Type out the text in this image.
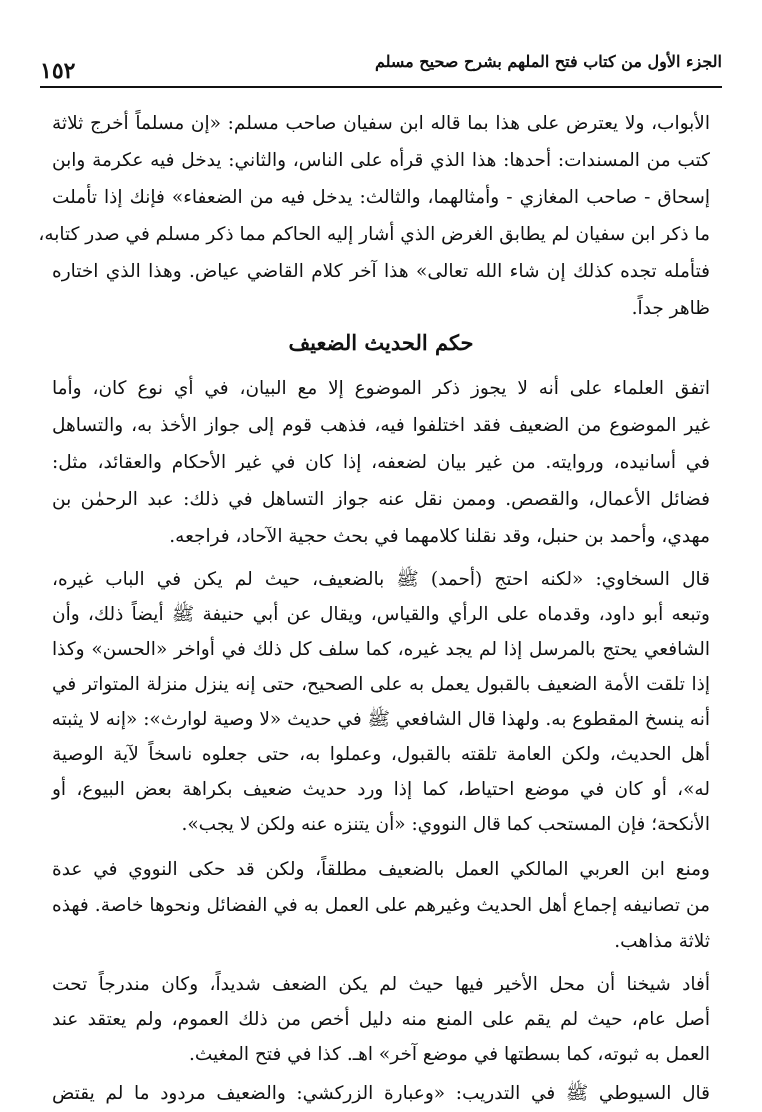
١٥٢	الجزء الأول من كتاب فتح الملهم بشرح صحيح مسلم
الأبواب، ولا يعترض على هذا بما قاله ابن سفيان صاحب مسلم: «إن مسلماً أخرج ثلاثة
كتب من المسندات: أحدها: هذا الذي قرأه على الناس، والثاني: يدخل فيه عكرمة وابن
إسحاق - صاحب المغازي - وأمثالهما، والثالث: يدخل فيه من الضعفاء» فإنك إذا تأملت
ما ذكر ابن سفيان لم يطابق الغرض الذي أشار إليه الحاكم مما ذكر مسلم في صدر كتابه،
فتأمله تجده كذلك إن شاء الله تعالى» هذا آخر كلام القاضي عياض. وهذا الذي اختاره
ظاهر جداً.
اتفق العلماء على أنه لا يجوز ذكر الموضوع إلا مع البيان، في أي نوع كان، وأما
غير الموضوع من الضعيف فقد اختلفوا فيه، فذهب قوم إلى جواز الأخذ به، والتساهل
في أسانيده، وروايته. من غير بيان لضعفه، إذا كان في غير الأحكام والعقائد، مثل:
فضائل الأعمال، والقصص. وممن نقل عنه جواز التساهل في ذلك: عبد الرحمٰن بن
مهدي، وأحمد بن حنبل، وقد نقلنا كلامهما في بحث حجية الآحاد، فراجعه.
قال السخاوي: «لكنه احتج (أحمد) ﷺ بالضعيف، حيث لم يكن في الباب غيره،
وتبعه أبو داود، وقدماه على الرأي والقياس، ويقال عن أبي حنيفة ﷺ أيضاً ذلك، وأن
الشافعي يحتج بالمرسل إذا لم يجد غيره، كما سلف كل ذلك في أواخر «الحسن» وكذا
إذا تلقت الأمة الضعيف بالقبول يعمل به على الصحيح، حتى إنه ينزل منزلة المتواتر في
أنه ينسخ المقطوع به. ولهذا قال الشافعي ﷺ في حديث «لا وصية لوارث»: «إنه لا يثبته
أهل الحديث، ولكن العامة تلقته بالقبول، وعملوا به، حتى جعلوه ناسخاً لآية الوصية
له»، أو كان في موضع احتياط، كما إذا ورد حديث ضعيف بكراهة بعض البيوع، أو
الأنكحة؛ فإن المستحب كما قال النووي: «أن يتنزه عنه ولكن لا يجب».
ومنع ابن العربي المالكي العمل بالضعيف مطلقاً، ولكن قد حكى النووي في عدة
من تصانيفه إجماع أهل الحديث وغيرهم على العمل به في الفضائل ونحوها خاصة. فهذه
ثلاثة مذاهب.
أفاد شيخنا أن محل الأخير فيها حيث لم يكن الضعف شديداً، وكان مندرجاً تحت
أصل عام، حيث لم يقم على المنع منه دليل أخص من ذلك العموم، ولم يعتقد عند
العمل به ثبوته، كما بسطتها في موضع آخر» اهـ. كذا في فتح المغيث.
قال السيوطي ﷺ في التدريب: «وعبارة الزركشي: والضعيف مردود ما لم يقتض
حكم الحديث الضعيف
